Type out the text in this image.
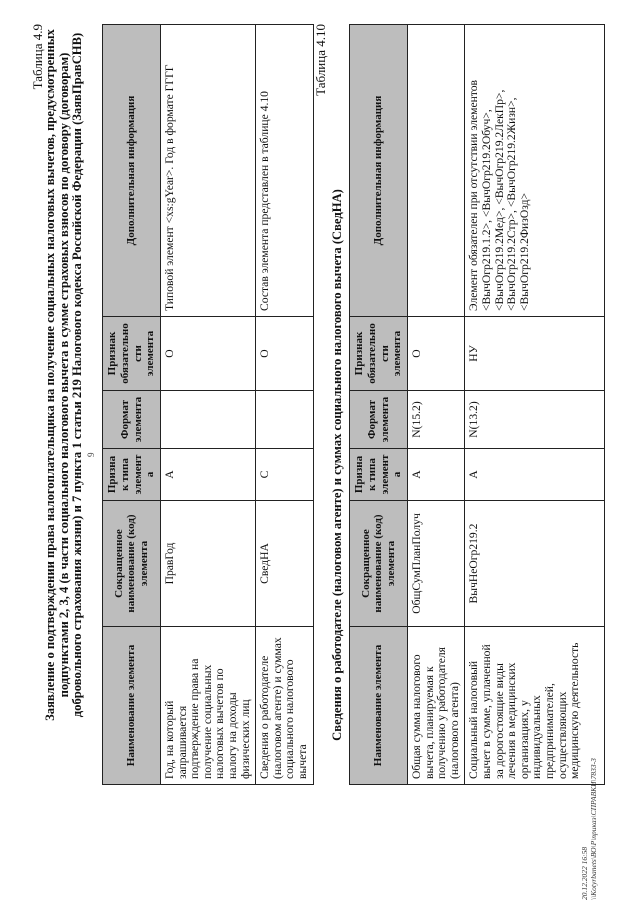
9
Таблица 4.9
Заявление о подтверждении права налогоплательщика на получение социальных налоговых вычетов, предусмотренных подпунктами 2, 3, 4 (в части социального налогового вычета в сумме страховых взносов по договору (договорам) добровольного страхования жизни) и 7 пункта 1 статьи 219 Налогового кодекса Российской Федерации (ЗаявПравСНВ)	Наименование элемента	Сокращенное наименование (код) элемента	Признак типа элемента	Формат элемента	Признак обязательности элемента	Дополнительная информация
Год, на который запрашивается подтверждение права на получение социальных налоговых вычетов по налогу на доходы физических лиц	ПравГод	А		О	Типовой элемент <xs:gYear>. Год в формате ГГГГ
Сведения о работодателе (налоговом агенте) и суммах социального налогового вычета	СведНА	С		О	Состав элемента представлен в таблице 4.10
Таблица 4.10
Сведения о работодателе (налоговом агенте) и суммах социального налогового вычета (СведНА)	Наименование элемента	Сокращенное наименование (код) элемента	Признак типа элемента	Формат элемента	Признак обязательности элемента	Дополнительная информация
Общая сумма налогового вычета, планируемая к получению у работодателя (налогового агента)	ОбщСумПланПолуч	А	N(15.2)	О	
Социальный налоговый вычет в сумме, уплаченной за дорогостоящие виды лечения в медицинских организациях, у индивидуальных предпринимателей, осуществляющих медицинскую деятельность	ВычНеОгр219.2	А	N(13.2)	НУ	Элемент обязателен при отсутствии элементов <ВычОгр219.1.2>, <ВычОгр219.2Обуч>, <ВычОгр219.2Мед>, <ВычОгр219.2ЛекПр>, <ВычОгр219.2Стр>, <ВычОгр219.2Жизн>, <ВычОгр219.2ФизОзд>
20.12.2022 16:58 \\Kotyrbanets\ВО\Р\приказ\СПРАВКИ\7833-3
